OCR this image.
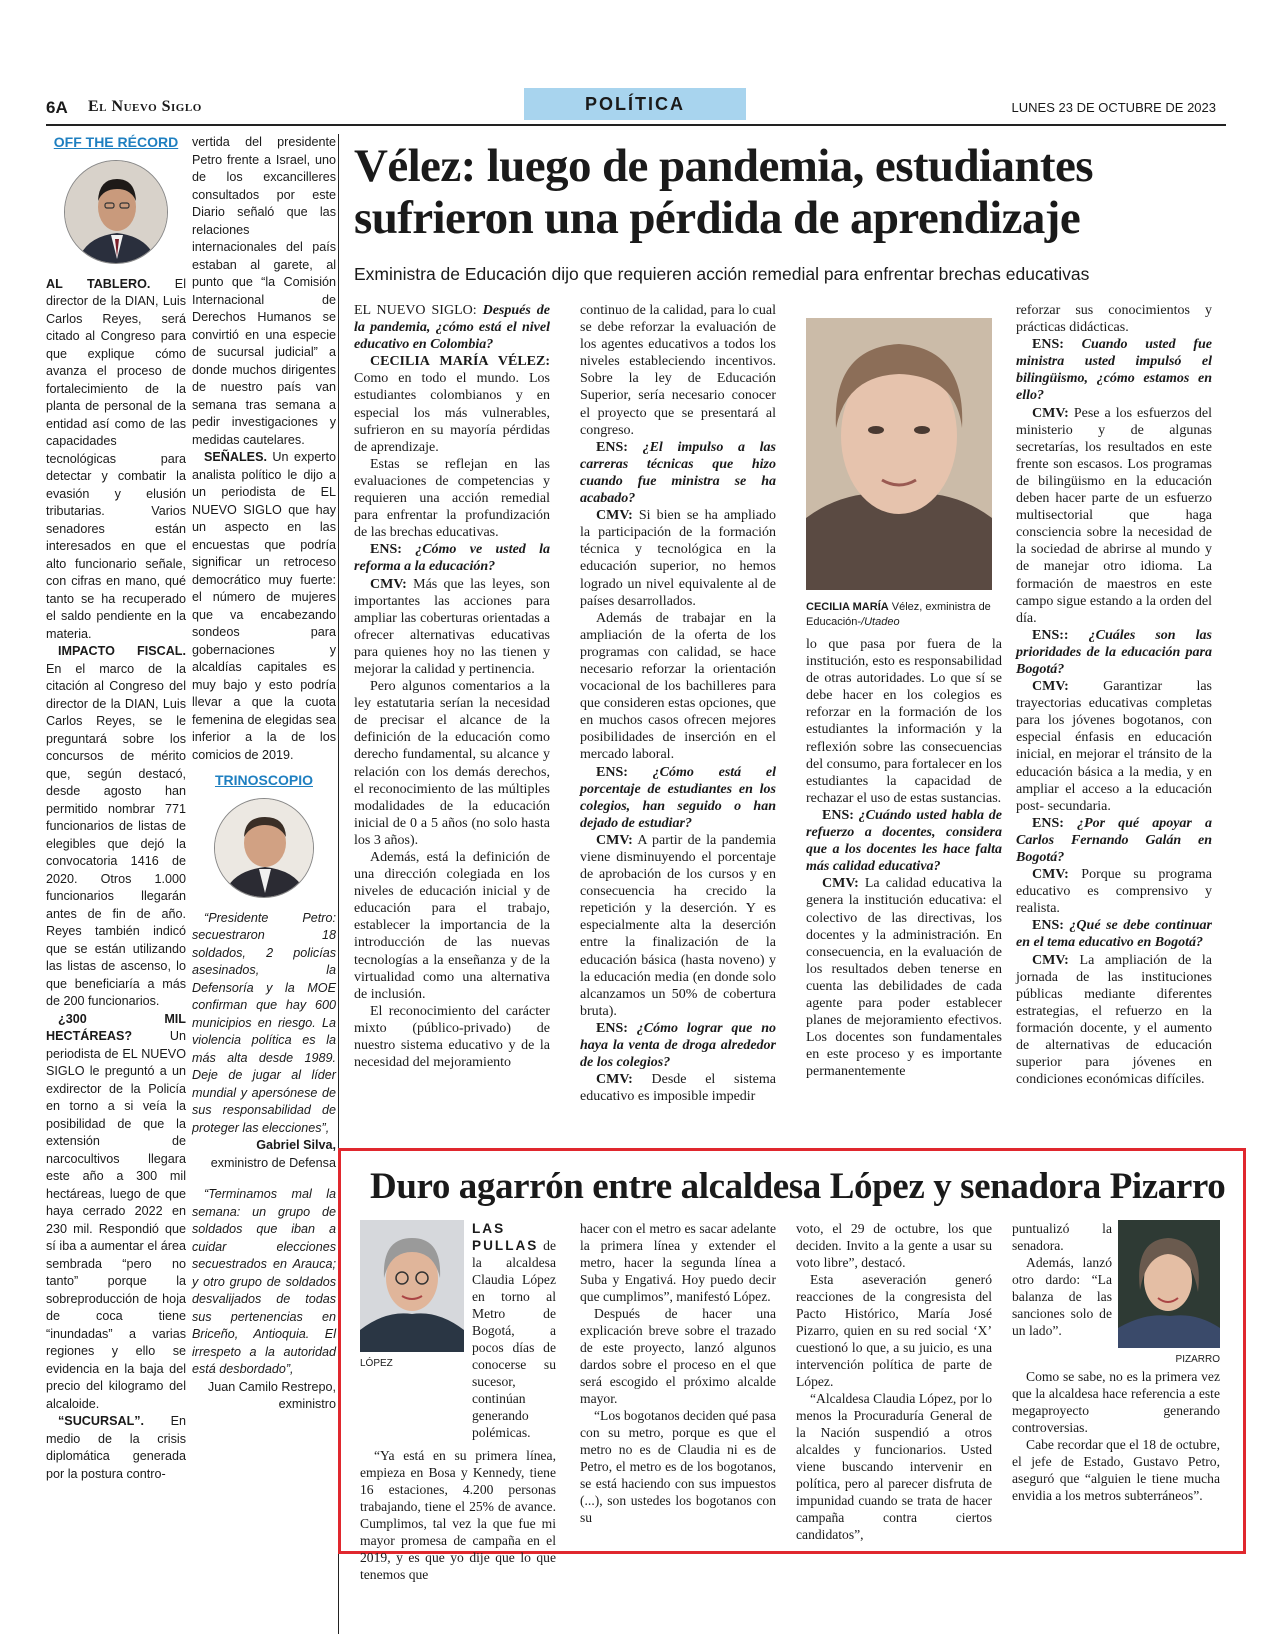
6A El Nuevo Siglo	POLÍTICA	LUNES 23 DE OCTUBRE DE 2023
OFF THE RÉCORD

AL TABLERO. El director de la DIAN, Luis Carlos Reyes, será citado al Congreso para que explique cómo avanza el proceso de fortalecimiento de la planta de personal de la entidad así como de las capacidades tecnológicas para detectar y combatir la evasión y elusión tributarias. Varios senadores están interesados en que el alto funcionario señale, con cifras en mano, qué tanto se ha recuperado el saldo pendiente en la materia.

IMPACTO FISCAL. En el marco de la citación al Congreso del director de la DIAN, Luis Carlos Reyes, se le preguntará sobre los concursos de mérito que, según destacó, desde agosto han permitido nombrar 771 funcionarios de listas de elegibles que dejó la convocatoria 1416 de 2020. Otros 1.000 funcionarios llegarán antes de fin de año. Reyes también indicó que se están utilizando las listas de ascenso, lo que beneficiaría a más de 200 funcionarios.

¿300 MIL HECTÁREAS? Un periodista de EL NUEVO SIGLO le preguntó a un exdirector de la Policía en torno a si veía la posibilidad de que la extensión de narcocultivos llegara este año a 300 mil hectáreas, luego de que haya cerrado 2022 en 230 mil. Respondió que sí iba a aumentar el área sembrada “pero no tanto” porque la sobreproducción de hoja de coca tiene “inundadas” a varias regiones y ello se evidencia en la baja del precio del kilogramo del alcaloide.

“SUCURSAL”. En medio de la crisis diplomática generada por la postura contro-

vertida del presidente Petro frente a Israel, uno de los excancilleres consultados por este Diario señaló que las relaciones internacionales del país estaban al garete, al punto que “la Comisión Internacional de Derechos Humanos se convirtió en una especie de sucursal judicial” a donde muchos dirigentes de nuestro país van semana tras semana a pedir investigaciones y medidas cautelares.

SEÑALES. Un experto analista político le dijo a un periodista de EL NUEVO SIGLO que hay un aspecto en las encuestas que podría significar un retroceso democrático muy fuerte: el número de mujeres que va encabezando sondeos para gobernaciones y alcaldías capitales es muy bajo y esto podría llevar a que la cuota femenina de elegidas sea inferior a la de los comicios de 2019.

TRINOSCOPIO

“Presidente Petro: secuestraron 18 soldados, 2 policías asesinados, la Defensoría y la MOE confirman que hay 600 municipios en riesgo. La violencia política es la más alta desde 1989. Deje de jugar al líder mundial y apersónese de sus responsabilidad de proteger las elecciones”,

Gabriel Silva,
exministro de Defensa

“Terminamos mal la semana: un grupo de soldados que iban a cuidar elecciones secuestrados en Arauca; y otro grupo de soldados desvalijados de todas sus pertenencias en Briceño, Antioquia. El irrespeto a la autoridad está desbordado”,

Juan Camilo Restrepo,
exministro
Vélez: luego de pandemia, estudiantes sufrieron una pérdida de aprendizaje
Exministra de Educación dijo que requieren acción remedial para enfrentar brechas educativas

EL NUEVO SIGLO: Después de la pandemia, ¿cómo está el nivel educativo en Colombia?

CECILIA MARÍA VÉLEZ: Como en todo el mundo. Los estudiantes colombianos y en especial los más vulnerables, sufrieron en su mayoría pérdidas de aprendizaje.

Estas se reflejan en las evaluaciones de competencias y requieren una acción remedial para enfrentar la profundización de las brechas educativas.

ENS: ¿Cómo ve usted la reforma a la educación?

CMV: Más que las leyes, son importantes las acciones para ampliar las coberturas orientadas a ofrecer alternativas educativas para quienes hoy no las tienen y mejorar la calidad y pertinencia.

Pero algunos comentarios a la ley estatutaria serían la necesidad de precisar el alcance de la definición de la educación como derecho fundamental, su alcance y relación con los demás derechos, el reconocimiento de las múltiples modalidades de la educación inicial de 0 a 5 años (no solo hasta los 3 años).

Además, está la definición de una dirección colegiada en los niveles de educación inicial y de educación para el trabajo, establecer la importancia de la introducción de las nuevas tecnologías a la enseñanza y de la virtualidad como una alternativa de inclusión.

El reconocimiento del carácter mixto (público-privado) de nuestro sistema educativo y de la necesidad del mejoramiento

continuo de la calidad, para lo cual se debe reforzar la evaluación de los agentes educativos a todos los niveles estableciendo incentivos. Sobre la ley de Educación Superior, sería necesario conocer el proyecto que se presentará al congreso.

ENS: ¿El impulso a las carreras técnicas que hizo cuando fue ministra se ha acabado?

CMV: Si bien se ha ampliado la participación de la formación técnica y tecnológica en la educación superior, no hemos logrado un nivel equivalente al de países desarrollados.

Además de trabajar en la ampliación de la oferta de los programas con calidad, se hace necesario reforzar la orientación vocacional de los bachilleres para que consideren estas opciones, que en muchos casos ofrecen mejores posibilidades de inserción en el mercado laboral.

ENS: ¿Cómo está el porcentaje de estudiantes en los colegios, han seguido o han dejado de estudiar?

CMV: A partir de la pandemia viene disminuyendo el porcentaje de aprobación de los cursos y en consecuencia ha crecido la repetición y la deserción. Y es especialmente alta la deserción entre la finalización de la educación básica (hasta noveno) y la educación media (en donde solo alcanzamos un 50% de cobertura bruta).

ENS: ¿Cómo lograr que no haya la venta de droga alrededor de los colegios?

CMV: Desde el sistema educativo es imposible impedir

CECILIA MARÍA Vélez, exministra de Educación-/Utadeo

lo que pasa por fuera de la institución, esto es responsabilidad de otras autoridades. Lo que sí se debe hacer en los colegios es reforzar en la formación de los estudiantes la información y la reflexión sobre las consecuencias del consumo, para fortalecer en los estudiantes la capacidad de rechazar el uso de estas sustancias.

ENS: ¿Cuándo usted habla de refuerzo a docentes, considera que a los docentes les hace falta más calidad educativa?

CMV: La calidad educativa la genera la institución educativa: el colectivo de las directivas, los docentes y la administración. En consecuencia, en la evaluación de los resultados deben tenerse en cuenta las debilidades de cada agente para poder establecer planes de mejoramiento efectivos. Los docentes son fundamentales en este proceso y es importante permanentemente

reforzar sus conocimientos y prácticas didácticas.

ENS: Cuando usted fue ministra usted impulsó el bilingüismo, ¿cómo estamos en ello?

CMV: Pese a los esfuerzos del ministerio y de algunas secretarías, los resultados en este frente son escasos. Los programas de bilingüismo en la educación deben hacer parte de un esfuerzo multisectorial que haga consciencia sobre la necesidad de la sociedad de abrirse al mundo y de manejar otro idioma. La formación de maestros en este campo sigue estando a la orden del día.

ENS:: ¿Cuáles son las prioridades de la educación para Bogotá?

CMV: Garantizar las trayectorias educativas completas para los jóvenes bogotanos, con especial énfasis en educación inicial, en mejorar el tránsito de la educación básica a la media, y en ampliar el acceso a la educación post- secundaria.

ENS: ¿Por qué apoyar a Carlos Fernando Galán en Bogotá?

CMV: Porque su programa educativo es comprensivo y realista.

ENS: ¿Qué se debe continuar en el tema educativo en Bogotá?

CMV: La ampliación de la jornada de las instituciones públicas mediante diferentes estrategias, el refuerzo en la formación docente, y el aumento de alternativas de educación superior para jóvenes en condiciones económicas difíciles.

Duro agarrón entre alcaldesa López y senadora Pizarro
LÓPEZ
LAS PULLAS de la alcaldesa Claudia López en torno al Metro de Bogotá, a pocos días de conocerse su sucesor, continúan generando polémicas.

“Ya está en su primera línea, empieza en Bosa y Kennedy, tiene 16 estaciones, 4.200 personas trabajando, tiene el 25% de avance. Cumplimos, tal vez la que fue mi mayor promesa de campaña en el 2019, y es que yo dije que lo que tenemos que

hacer con el metro es sacar adelante la primera línea y extender el metro, hacer la segunda línea a Suba y Engativá. Hoy puedo decir que cumplimos”, manifestó López.

Después de hacer una explicación breve sobre el trazado de este proyecto, lanzó algunos dardos sobre el proceso en el que será escogido el próximo alcalde mayor.

“Los bogotanos deciden qué pasa con su metro, porque es que el metro no es de Claudia ni es de Petro, el metro es de los bogotanos, se está haciendo con sus impuestos (...), son ustedes los bogotanos con su

voto, el 29 de octubre, los que deciden. Invito a la gente a usar su voto libre”, destacó.

Esta aseveración generó reacciones de la congresista del Pacto Histórico, María José Pizarro, quien en su red social ‘X’ cuestionó lo que, a su juicio, es una intervención política de parte de López.

“Alcaldesa Claudia López, por lo menos la Procuraduría General de la Nación suspendió a otros alcaldes y funcionarios. Usted viene buscando intervenir en política, pero al parecer disfruta de impunidad cuando se trata de hacer campaña contra ciertos candidatos”,

puntualizó la senadora.

Además, lanzó otro dardo: “La balanza de las sanciones solo de un lado”.

PIZARRO

Como se sabe, no es la primera vez que la alcaldesa hace referencia a este megaproyecto generando controversias.

Cabe recordar que el 18 de octubre, el jefe de Estado, Gustavo Petro, aseguró que “alguien le tiene mucha envidia a los metros subterráneos”.
